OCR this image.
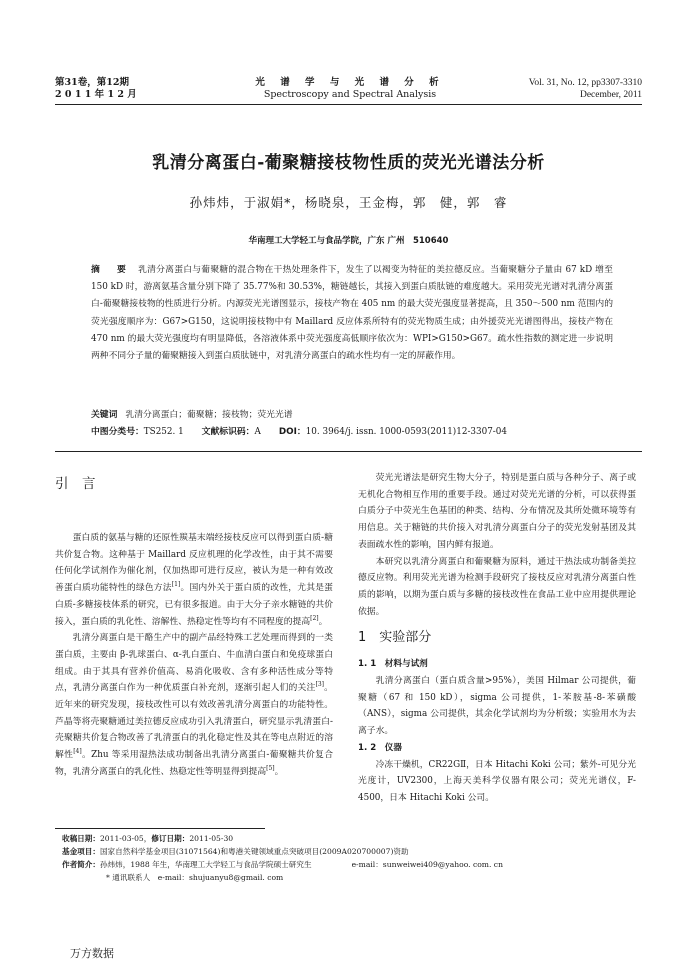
第31卷，第12期
2 0 1 1 年 1 2 月
光 谱 学 与 光 谱 分 析
Spectroscopy and Spectral Analysis
Vol. 31, No. 12, pp3307-3310
December, 2011
乳清分离蛋白-葡聚糖接枝物性质的荧光光谱法分析
孙炜炜，于淑娟*，杨晓泉，王金梅，郭　健，郭　睿
华南理工大学轻工与食品学院，广东 广州　510640
摘　要 乳清分离蛋白与葡聚糖的混合物在干热处理条件下，发生了以褐变为特征的美拉德反应。当葡聚糖分子量由 67 kD 增至 150 kD 时，游离氨基含量分别下降了 35.77%和 30.53%，糖链越长，其接入到蛋白质肽链的难度越大。采用荧光光谱对乳清分离蛋白-葡聚糖接枝物的性质进行分析。内源荧光光谱图显示，接枝产物在 405 nm 的最大荧光强度显著提高，且 350～500 nm 范围内的荧光强度顺序为：G67>G150，这说明接枝物中有 Maillard 反应体系所特有的荧光物质生成；由外援荧光光谱图得出，接枝产物在 470 nm 的最大荧光强度均有明显降低，各溶液体系中荧光强度高低顺序依次为：WPI>G150>G67。疏水性指数的测定进一步说明两种不同分子量的葡聚糖接入到蛋白质肽链中，对乳清分离蛋白的疏水性均有一定的屏蔽作用。
关键词 乳清分离蛋白；葡聚糖；接枝物；荧光光谱
中图分类号：TS252. 1 文献标识码：A DOI：10. 3964/j. issn. 1000-0593(2011)12-3307-04
引　言

蛋白质的氨基与糖的还原性羰基末端经接枝反应可以得到蛋白质-糖共价复合物。这种基于 Maillard 反应机理的化学改性，由于其不需要任何化学试剂作为催化剂，仅加热即可进行反应，被认为是一种有效改善蛋白质功能特性的绿色方法[1]。国内外关于蛋白质的改性，尤其是蛋白质-多糖接枝体系的研究，已有很多报道。由于大分子亲水糖链的共价接入，蛋白质的乳化性、溶解性、热稳定性等均有不同程度的提高[2]。

乳清分离蛋白是干酪生产中的副产品经特殊工艺处理而得到的一类蛋白质，主要由 β-乳球蛋白、α-乳白蛋白、牛血清白蛋白和免疫球蛋白组成。由于其具有营养价值高、易消化吸收、含有多种活性成分等特点，乳清分离蛋白作为一种优质蛋白补充剂，逐渐引起人们的关注[3]。近年来的研究发现，接枝改性可以有效改善乳清分离蛋白的功能特性。芦晶等将壳聚糖通过美拉德反应成功引入乳清蛋白，研究显示乳清蛋白-壳聚糖共价复合物改善了乳清蛋白的乳化稳定性及其在等电点附近的溶解性[4]。Zhu 等采用湿热法成功制备出乳清分离蛋白-葡聚糖共价复合物，乳清分离蛋白的乳化性、热稳定性等明显得到提高[5]。

荧光光谱法是研究生物大分子，特别是蛋白质与各种分子、离子或无机化合物相互作用的重要手段。通过对荧光光谱的分析，可以获得蛋白质分子中荧光生色基团的种类、结构、分布情况及其所处微环境等有用信息。关于糖链的共价接入对乳清分离蛋白分子的荧光发射基团及其表面疏水性的影响，国内鲜有报道。

本研究以乳清分离蛋白和葡聚糖为原料，通过干热法成功制备美拉德反应物。利用荧光光谱为检测手段研究了接枝反应对乳清分离蛋白性质的影响，以期为蛋白质与多糖的接枝改性在食品工业中应用提供理论依据。

1　实验部分
1. 1　材料与试剂

乳清分离蛋白（蛋白质含量>95%），美国 Hilmar 公司提供，葡聚糖（67 和 150 kD），sigma 公司提供，1-苯胺基-8-苯磺酸（ANS），sigma 公司提供，其余化学试剂均为分析级；实验用水为去离子水。

1. 2　仪器

冷冻干燥机，CR22GⅡ，日本 Hitachi Koki 公司；紫外-可见分光光度计，UV2300，上海天美科学仪器有限公司；荧光光谱仪，F-4500，日本 Hitachi Koki 公司。

收稿日期：2011-03-05，修订日期：2011-05-30
基金项目：国家自然科学基金项目(31071564)和粤港关键领域重点突破项目(2009A020700007)资助
作者简介：孙炜炜，1988 年生，华南理工大学轻工与食品学院硕士研究生	e-mail：sunweiwei409@yahoo. com. cn
* 通讯联系人　e-mail：shujuanyu8@gmail. com
万方数据
